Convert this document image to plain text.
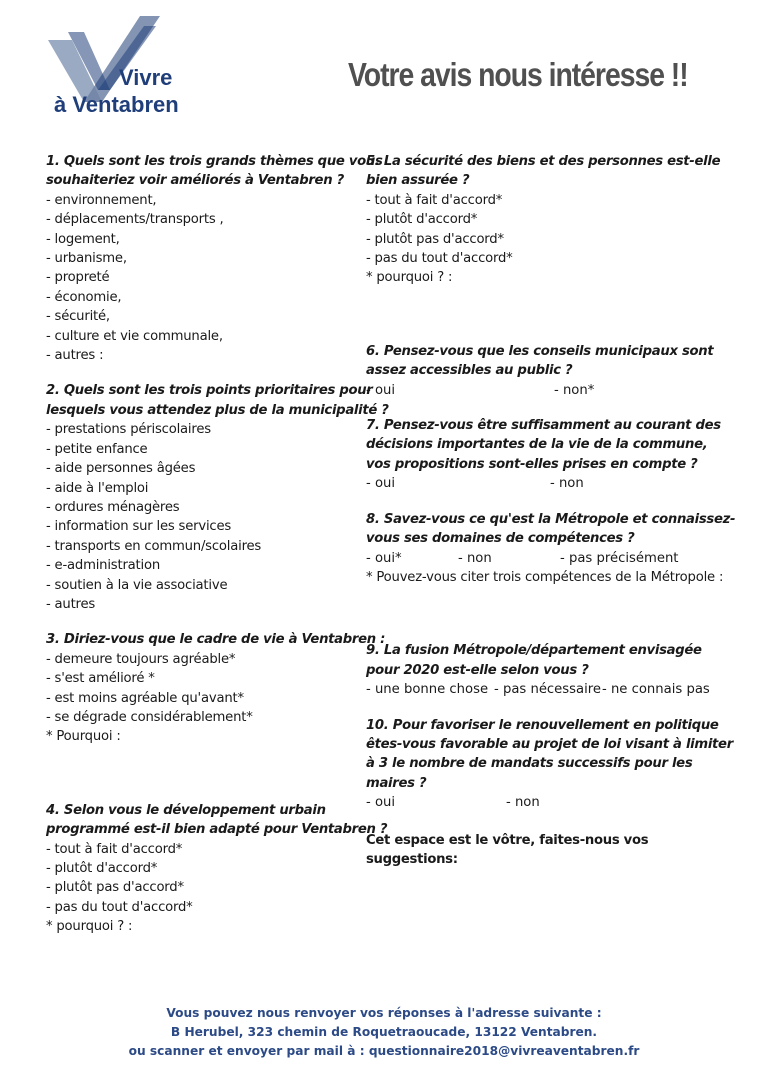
Vivre
à Ventabren
Votre avis nous intéresse !!
1. Quels sont les trois grands thèmes que vous souhaiteriez voir améliorés à Ventabren ?
- environnement,
- déplacements/transports ,
- logement,
- urbanisme,
- propreté
- économie,
- sécurité,
- culture et vie communale,
- autres :
2. Quels sont les trois points prioritaires pour lesquels vous attendez plus de la municipalité ?
- prestations périscolaires
- petite enfance
- aide personnes âgées
- aide à l'emploi
- ordures ménagères
- information sur les services
- transports en commun/scolaires
- e-administration
- soutien à la vie associative
- autres
3. Diriez-vous que le cadre de vie à Ventabren :
- demeure toujours agréable*
- s'est amélioré *
- est moins agréable qu'avant*
- se dégrade considérablement*
* Pourquoi :
4. Selon vous le développement urbain programmé est-il bien adapté pour Ventabren ?
- tout à fait d'accord*
- plutôt d'accord*
- plutôt pas d'accord*
- pas du tout d'accord*
* pourquoi ? :
5. La sécurité des biens et des personnes est-elle bien assurée ?
- tout à fait d'accord*
- plutôt d'accord*
- plutôt pas d'accord*
- pas du tout d'accord*
* pourquoi ? :
6. Pensez-vous que les conseils municipaux sont assez accessibles au public ?
- oui	- non*
7. Pensez-vous être suffisamment au courant des décisions importantes de la vie de la commune, vos propositions sont-elles prises en compte ?
- oui	- non
8. Savez-vous ce qu'est la Métropole et connaissez-vous ses domaines de compétences ?
- oui*	- non	- pas précisément
* Pouvez-vous citer trois compétences de la Métropole :
9. La fusion Métropole/département envisagée pour 2020 est-elle selon vous ?
- une bonne chose - pas nécessaire - ne connais pas
10. Pour favoriser le renouvellement en politique êtes-vous favorable au projet de loi visant à limiter à 3 le nombre de mandats successifs pour les maires ?
- oui	- non
Cet espace est le vôtre, faites-nous vos suggestions:
Vous pouvez nous renvoyer vos réponses à l'adresse suivante :
B Herubel, 323 chemin de Roquetraoucade, 13122 Ventabren.
ou scanner et envoyer par mail à : questionnaire2018@vivreaventabren.fr
